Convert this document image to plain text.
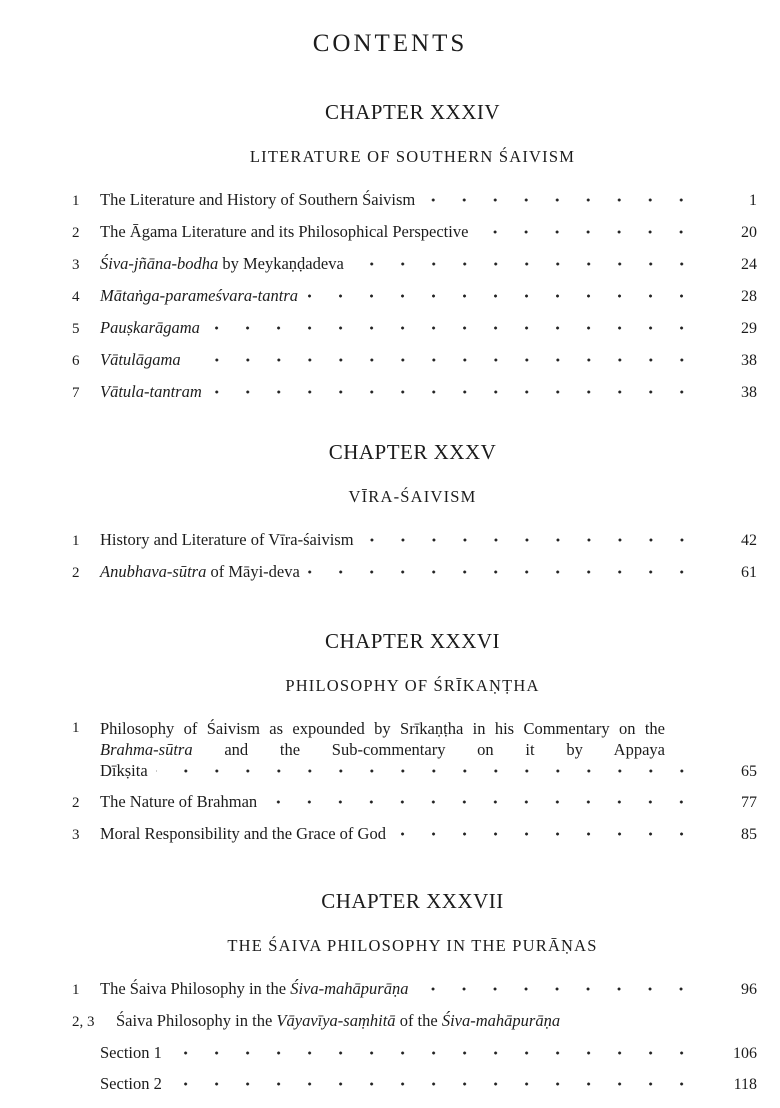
CONTENTS
CHAPTER XXXIV
LITERATURE OF SOUTHERN ŚAIVISM
1	The Literature and History of Southern Śaivism	1
2	The Āgama Literature and its Philosophical Perspective	20
3	Śiva-jñāna-bodha by Meykaṇḍadeva	24
4	Mātaṅga-parameśvara-tantra	28
5	Pauṣkarāgama	29
6	Vātulāgama	38
7	Vātula-tantram	38
CHAPTER XXXV
VĪRA-ŚAIVISM
1	History and Literature of Vīra-śaivism	42
2	Anubhava-sūtra of Māyi-deva	61
CHAPTER XXXVI
PHILOSOPHY OF ŚRĪKAṆṬHA
1	Philosophy of Śaivism as expounded by Srīkaṇṭha in his Commentary on the Brahma-sūtra and the Sub-commentary on it by Appaya
Dīkṣita	65
2	The Nature of Brahman	77
3	Moral Responsibility and the Grace of God	85
CHAPTER XXXVII
THE ŚAIVA PHILOSOPHY IN THE PURĀṆAS
1	The Śaiva Philosophy in the Śiva-mahāpurāṇa	96
2, 3	Śaiva Philosophy in the Vāyavīya-saṃhitā of the Śiva-mahāpurāṇa
Section 1	106
Section 2	118
